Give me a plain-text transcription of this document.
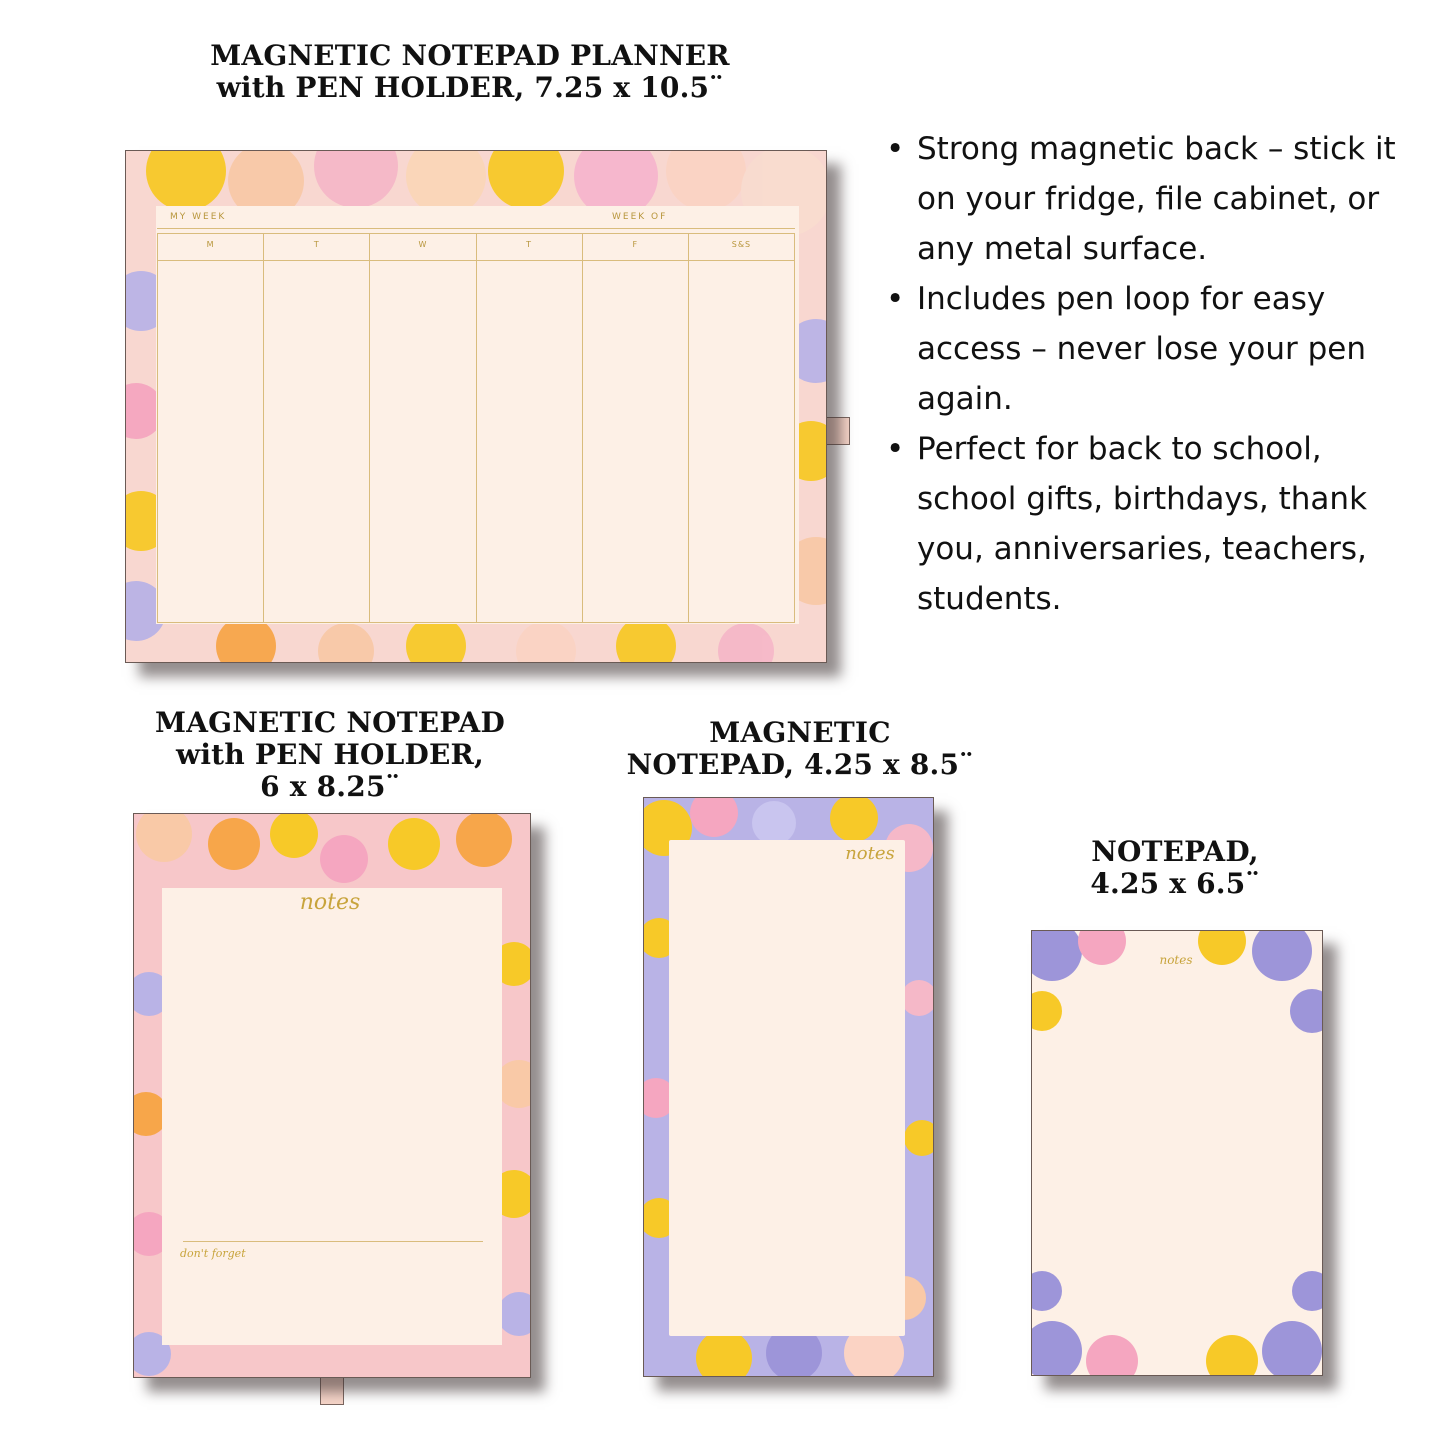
MAGNETIC NOTEPAD PLANNER
with PEN HOLDER, 7.25 x 10.5¨
MAGNETIC NOTEPAD
with PEN HOLDER,
6 x 8.25¨
MAGNETIC
NOTEPAD, 4.25 x 8.5¨
NOTEPAD,
4.25 x 6.5¨
• Strong magnetic back – stick it on your fridge, file cabinet, or any metal surface.
• Includes pen loop for easy access – never lose your pen again.
• Perfect for back to school, school gifts, birthdays, thank you, anniversaries, teachers, students.
MY WEEK	WEEK OF
M	T	W	T	F	S&S
notes
don't forget
notes
notes
